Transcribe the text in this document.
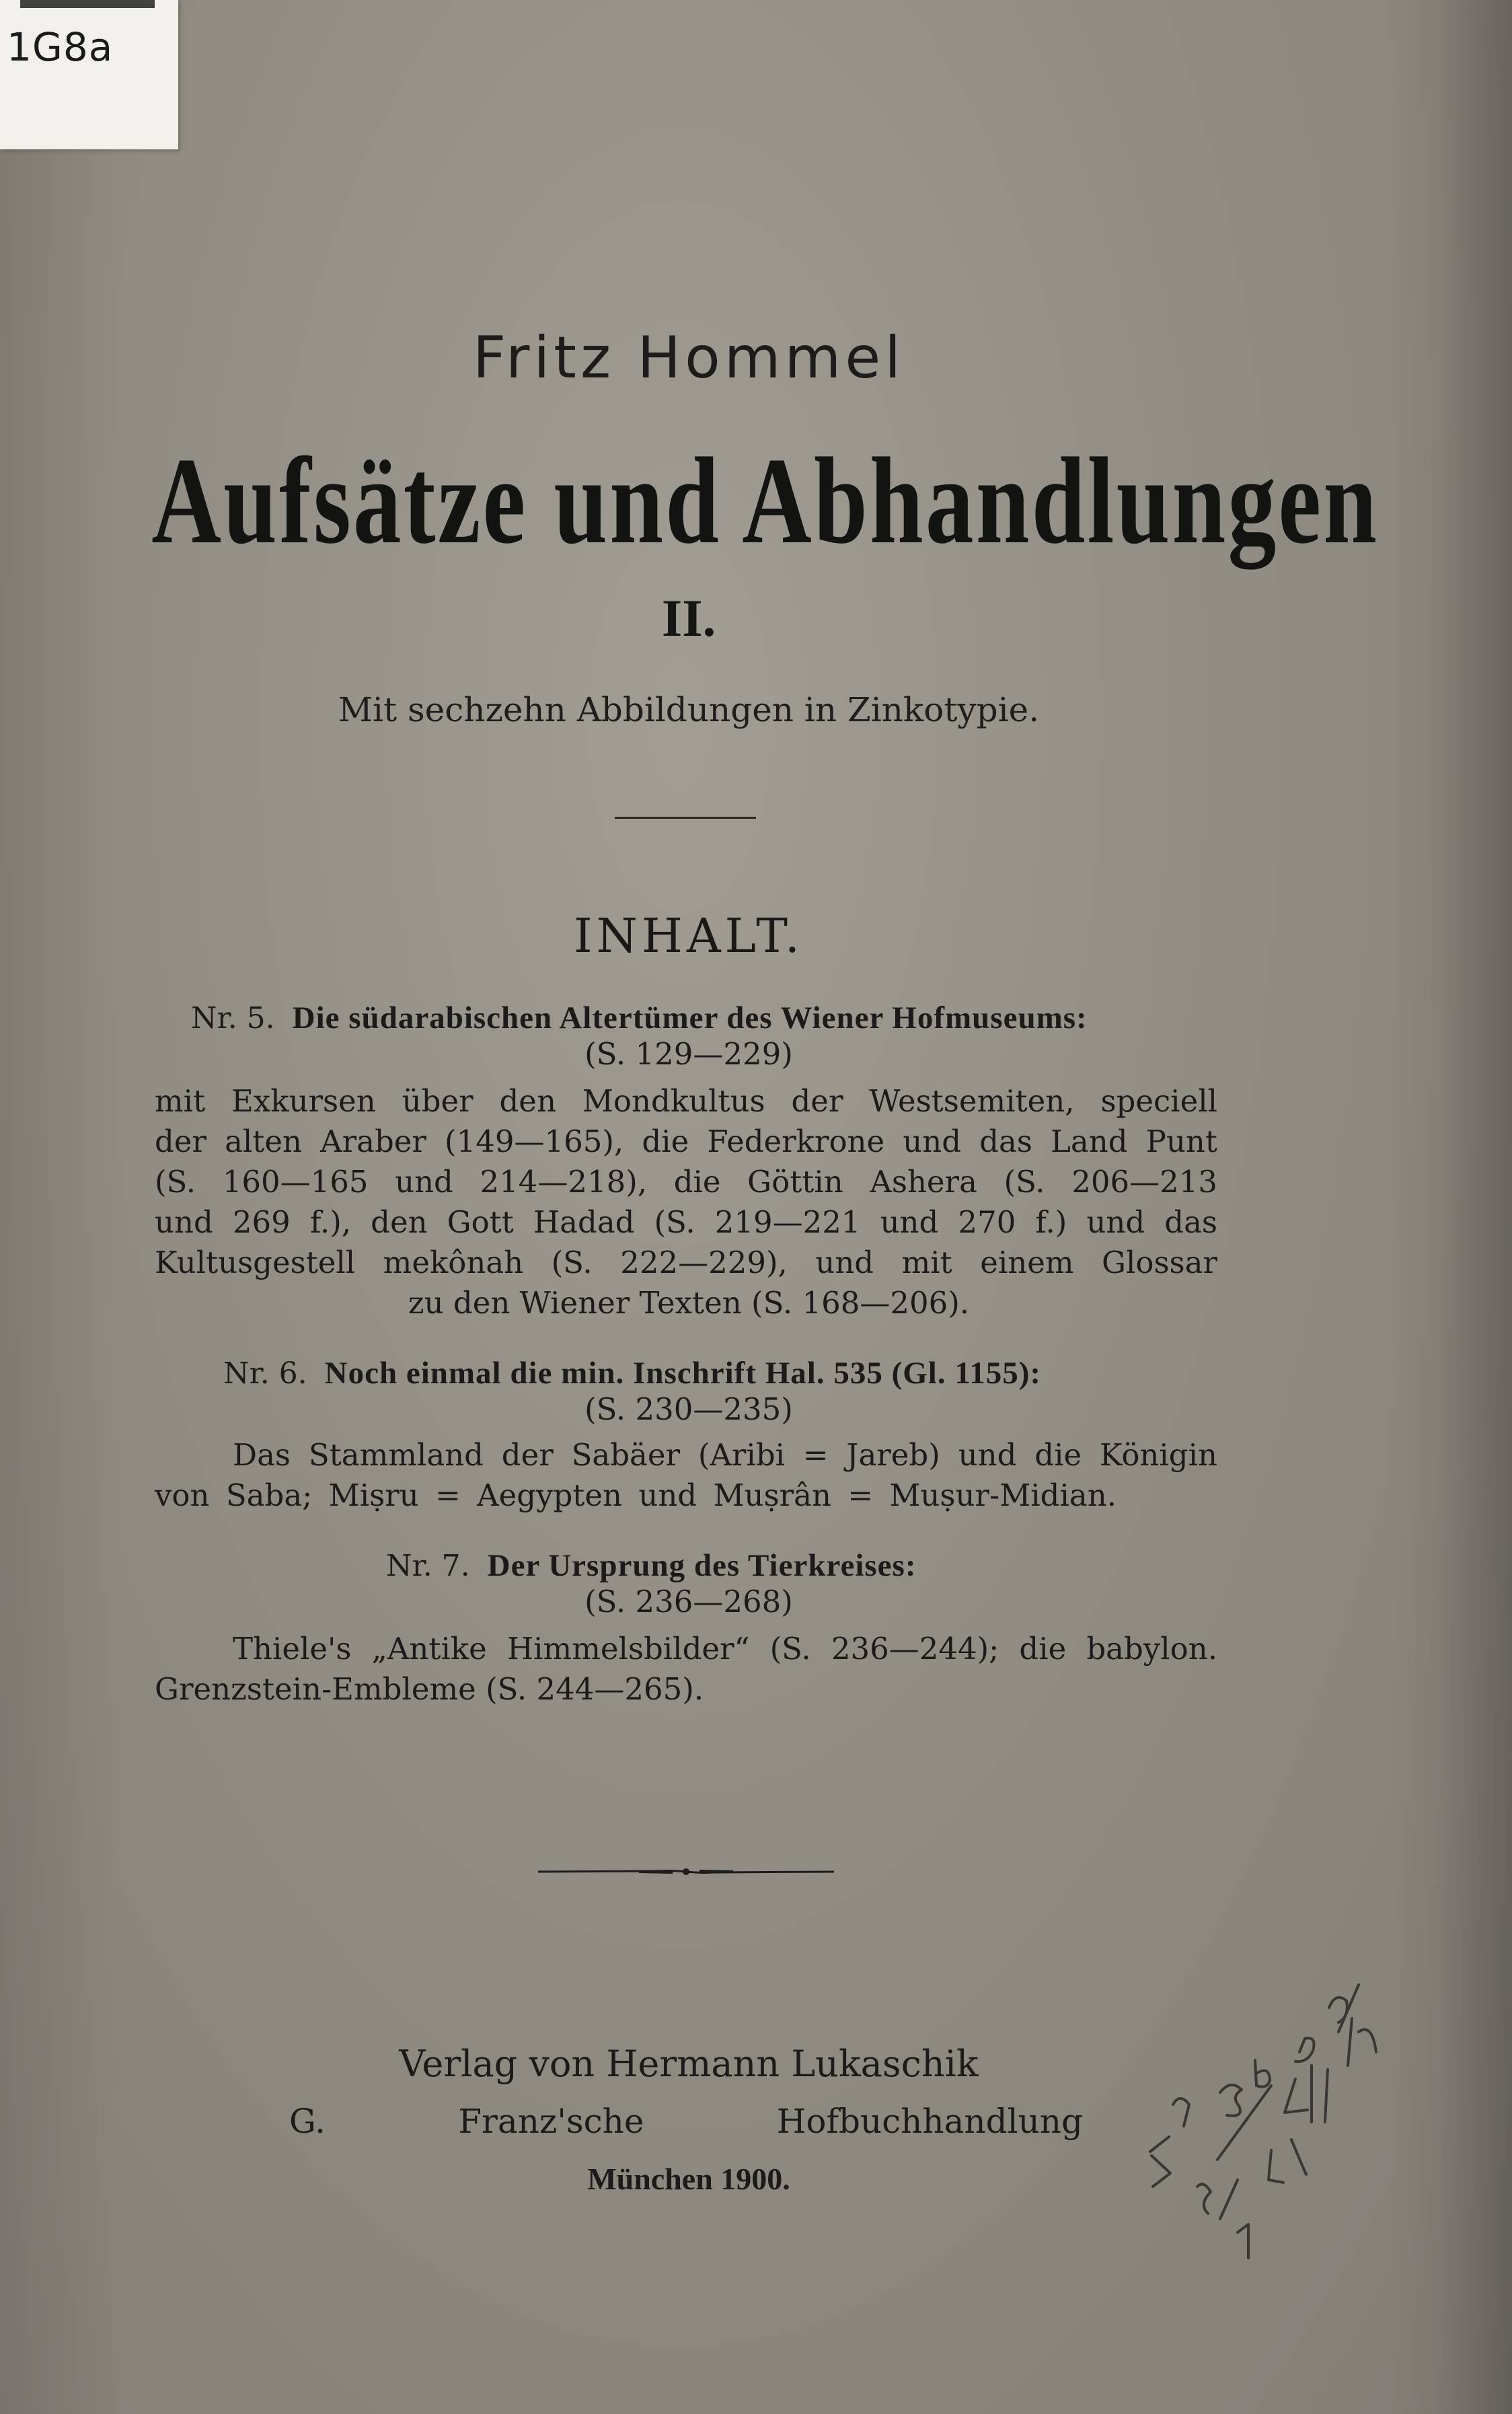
1G8a
Fritz Hommel
Aufsätze und Abhandlungen
II.
Mit sechzehn Abbildungen in Zinkotypie.
INHALT.
Nr. 5. Die südarabischen Altertümer des Wiener Hofmuseums:
(S. 129—229)
mit Exkursen über den Mondkultus der Westsemiten, speciell
der alten Araber (149—165), die Federkrone und das Land Punt
(S. 160—165 und 214—218), die Göttin Ashera (S. 206—213
und 269 f.), den Gott Hadad (S. 219—221 und 270 f.) und das
Kultusgestell mekônah (S. 222—229), und mit einem Glossar
zu den Wiener Texten (S. 168—206).
Nr. 6. Noch einmal die min. Inschrift Hal. 535 (Gl. 1155):
(S. 230—235)
Das Stammland der Sabäer (Aribi = Jareb) und die Königin
von Saba; Miṣru = Aegypten und Muṣrân = Muṣur-Midian.
Nr. 7. Der Ursprung des Tierkreises:
(S. 236—268)
Thiele's „Antike Himmelsbilder“ (S. 236—244); die babylon.
Grenzstein-Embleme (S. 244—265).
Verlag von Hermann Lukaschik
G. Franz'sche Hofbuchhandlung
München 1900.
